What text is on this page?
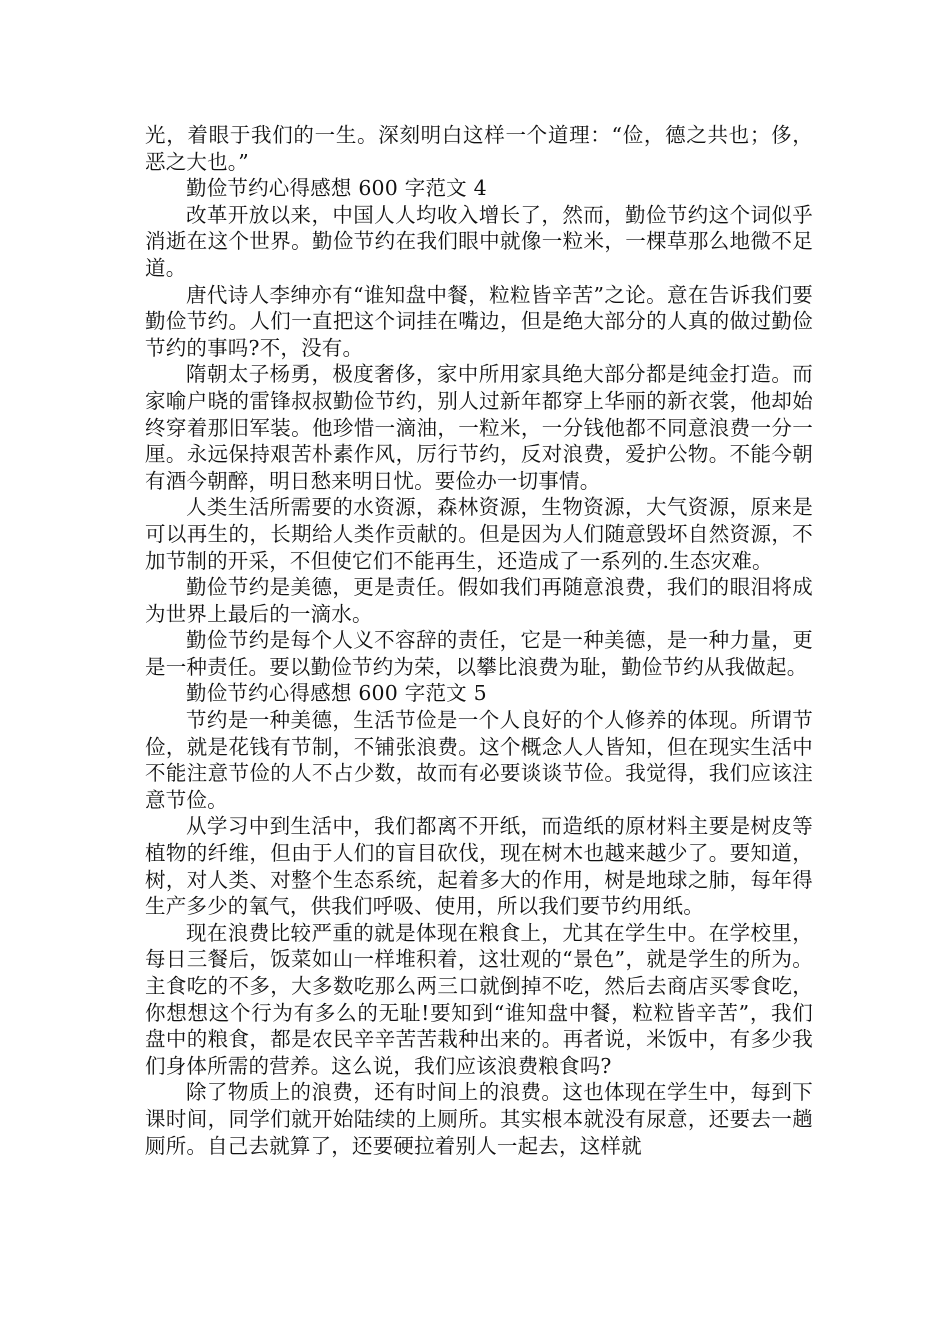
光，着眼于我们的一生。深刻明白这样一个道理：“俭，德之共也；侈，恶之大也。”

勤俭节约心得感想 600 字范文 4

改革开放以来，中国人人均收入增长了，然而，勤俭节约这个词似乎消逝在这个世界。勤俭节约在我们眼中就像一粒米，一棵草那么地微不足道。

唐代诗人李绅亦有“谁知盘中餐，粒粒皆辛苦”之论。意在告诉我们要勤俭节约。人们一直把这个词挂在嘴边，但是绝大部分的人真的做过勤俭节约的事吗?不，没有。

隋朝太子杨勇，极度奢侈，家中所用家具绝大部分都是纯金打造。而家喻户晓的雷锋叔叔勤俭节约，别人过新年都穿上华丽的新衣裳，他却始终穿着那旧军装。他珍惜一滴油，一粒米，一分钱他都不同意浪费一分一厘。永远保持艰苦朴素作风，厉行节约，反对浪费，爱护公物。不能今朝有酒今朝醉，明日愁来明日忧。要俭办一切事情。

人类生活所需要的水资源，森林资源，生物资源，大气资源，原来是可以再生的，长期给人类作贡献的。但是因为人们随意毁坏自然资源，不加节制的开采，不但使它们不能再生，还造成了一系列的.生态灾难。

勤俭节约是美德，更是责任。假如我们再随意浪费，我们的眼泪将成为世界上最后的一滴水。

勤俭节约是每个人义不容辞的责任，它是一种美德，是一种力量，更是一种责任。要以勤俭节约为荣，以攀比浪费为耻，勤俭节约从我做起。

勤俭节约心得感想 600 字范文 5

节约是一种美德，生活节俭是一个人良好的个人修养的体现。所谓节俭，就是花钱有节制，不铺张浪费。这个概念人人皆知，但在现实生活中不能注意节俭的人不占少数，故而有必要谈谈节俭。我觉得，我们应该注意节俭。

从学习中到生活中，我们都离不开纸，而造纸的原材料主要是树皮等植物的纤维，但由于人们的盲目砍伐，现在树木也越来越少了。要知道，树，对人类、对整个生态系统，起着多大的作用，树是地球之肺，每年得生产多少的氧气，供我们呼吸、使用，所以我们要节约用纸。

现在浪费比较严重的就是体现在粮食上，尤其在学生中。在学校里，每日三餐后，饭菜如山一样堆积着，这壮观的“景色”，就是学生的所为。主食吃的不多，大多数吃那么两三口就倒掉不吃，然后去商店买零食吃，你想想这个行为有多么的无耻!要知到“谁知盘中餐，粒粒皆辛苦”，我们盘中的粮食，都是农民辛辛苦苦栽种出来的。再者说，米饭中，有多少我们身体所需的营养。这么说，我们应该浪费粮食吗?

除了物质上的浪费，还有时间上的浪费。这也体现在学生中，每到下课时间，同学们就开始陆续的上厕所。其实根本就没有尿意，还要去一趟厕所。自己去就算了，还要硬拉着别人一起去，这样就
